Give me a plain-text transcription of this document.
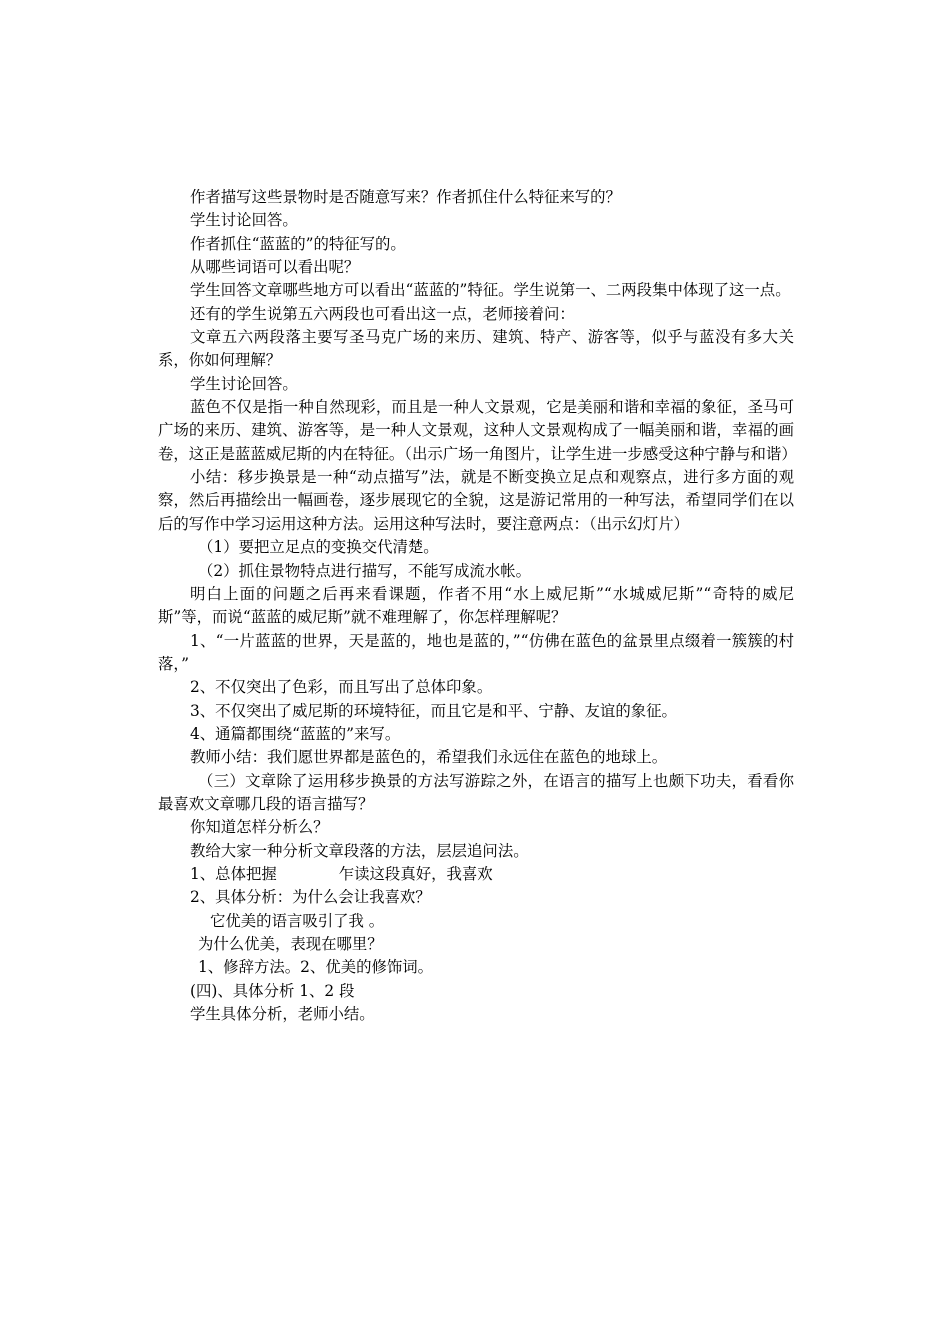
作者描写这些景物时是否随意写来？作者抓住什么特征来写的？

学生讨论回答。

作者抓住“蓝蓝的”的特征写的。

从哪些词语可以看出呢？

学生回答文章哪些地方可以看出“蓝蓝的”特征。学生说第一、二两段集中体现了这一点。

还有的学生说第五六两段也可看出这一点，老师接着问：

文章五六两段落主要写圣马克广场的来历、建筑、特产、游客等，似乎与蓝没有多大关系，你如何理解？

学生讨论回答。

蓝色不仅是指一种自然现彩，而且是一种人文景观，它是美丽和谐和幸福的象征，圣马可广场的来历、建筑、游客等，是一种人文景观，这种人文景观构成了一幅美丽和谐，幸福的画卷，这正是蓝蓝威尼斯的内在特征。（出示广场一角图片，让学生进一步感受这种宁静与和谐）

小结：移步换景是一种“动点描写”法，就是不断变换立足点和观察点，进行多方面的观察，然后再描绘出一幅画卷，逐步展现它的全貌，这是游记常用的一种写法，希望同学们在以后的写作中学习运用这种方法。运用这种写法时，要注意两点：（出示幻灯片）

（1）要把立足点的变换交代清楚。

（2）抓住景物特点进行描写，不能写成流水帐。

明白上面的问题之后再来看课题，作者不用“水上威尼斯”“水城威尼斯”“奇特的威尼斯”等，而说“蓝蓝的威尼斯”就不难理解了，你怎样理解呢？

1、“一片蓝蓝的世界，天是蓝的，地也是蓝的，”“仿佛在蓝色的盆景里点缀着一簇簇的村落，”

2、不仅突出了色彩，而且写出了总体印象。

3、不仅突出了威尼斯的环境特征，而且它是和平、宁静、友谊的象征。

4、通篇都围绕“蓝蓝的”来写。

教师小结：我们愿世界都是蓝色的，希望我们永远住在蓝色的地球上。

（三）文章除了运用移步换景的方法写游踪之外，在语言的描写上也颇下功夫，看看你最喜欢文章哪几段的语言描写？

你知道怎样分析么？

教给大家一种分析文章段落的方法，层层追问法。

1、总体把握	乍读这段真好，我喜欢

2、具体分析：为什么会让我喜欢？

它优美的语言吸引了我 。

为什么优美，表现在哪里？

1、修辞方法。2、优美的修饰词。

(四)、具体分析 1、2 段

学生具体分析，老师小结。
